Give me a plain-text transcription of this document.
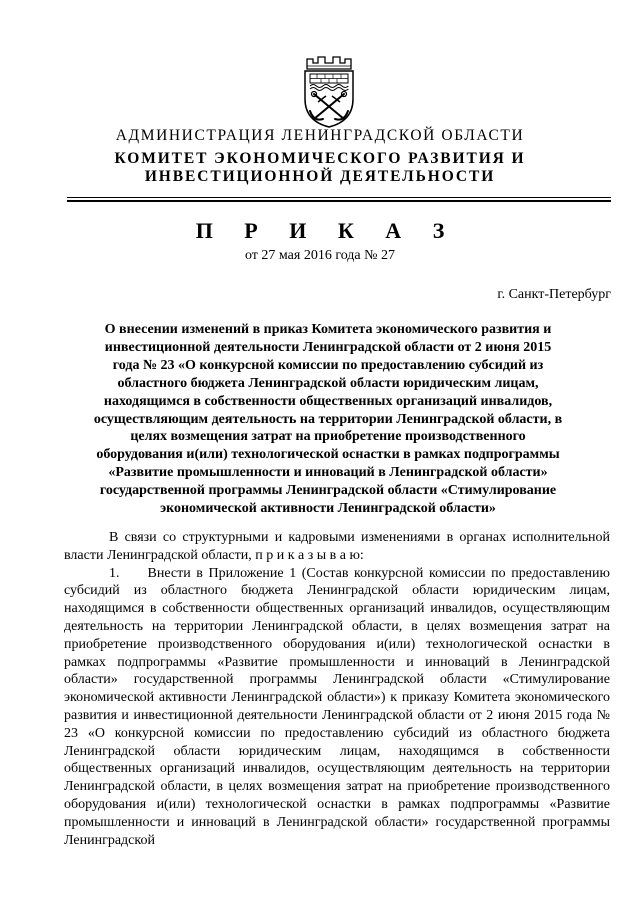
АДМИНИСТРАЦИЯ ЛЕНИНГРАДСКОЙ ОБЛАСТИ
КОМИТЕТ ЭКОНОМИЧЕСКОГО РАЗВИТИЯ И
ИНВЕСТИЦИОННОЙ ДЕЯТЕЛЬНОСТИ
П Р И К А З
от 27 мая 2016 года № 27
г. Санкт-Петербург
О внесении изменений в приказ Комитета экономического развития и инвестиционной деятельности Ленинградской области от 2 июня 2015 года № 23 «О конкурсной комиссии по предоставлению субсидий из областного бюджета Ленинградской области юридическим лицам, находящимся в собственности общественных организаций инвалидов, осуществляющим деятельность на территории Ленинградской области, в целях возмещения затрат на приобретение производственного оборудования и(или) технологической оснастки в рамках подпрограммы «Развитие промышленности и инноваций в Ленинградской области» государственной программы Ленинградской области «Стимулирование экономической активности Ленинградской области»

В связи со структурными и кадровыми изменениями в органах исполнительной власти Ленинградской области, п р и к а з ы в а ю:

1. Внести в Приложение 1 (Состав конкурсной комиссии по предоставлению субсидий из областного бюджета Ленинградской области юридическим лицам, находящимся в собственности общественных организаций инвалидов, осуществляющим деятельность на территории Ленинградской области, в целях возмещения затрат на приобретение производственного оборудования и(или) технологической оснастки в рамках подпрограммы «Развитие промышленности и инноваций в Ленинградской области» государственной программы Ленинградской области «Стимулирование экономической активности Ленинградской области») к приказу Комитета экономического развития и инвестиционной деятельности Ленинградской области от 2 июня 2015 года № 23 «О конкурсной комиссии по предоставлению субсидий из областного бюджета Ленинградской области юридическим лицам, находящимся в собственности общественных организаций инвалидов, осуществляющим деятельность на территории Ленинградской области, в целях возмещения затрат на приобретение производственного оборудования и(или) технологической оснастки в рамках подпрограммы «Развитие промышленности и инноваций в Ленинградской области» государственной программы Ленинградской
